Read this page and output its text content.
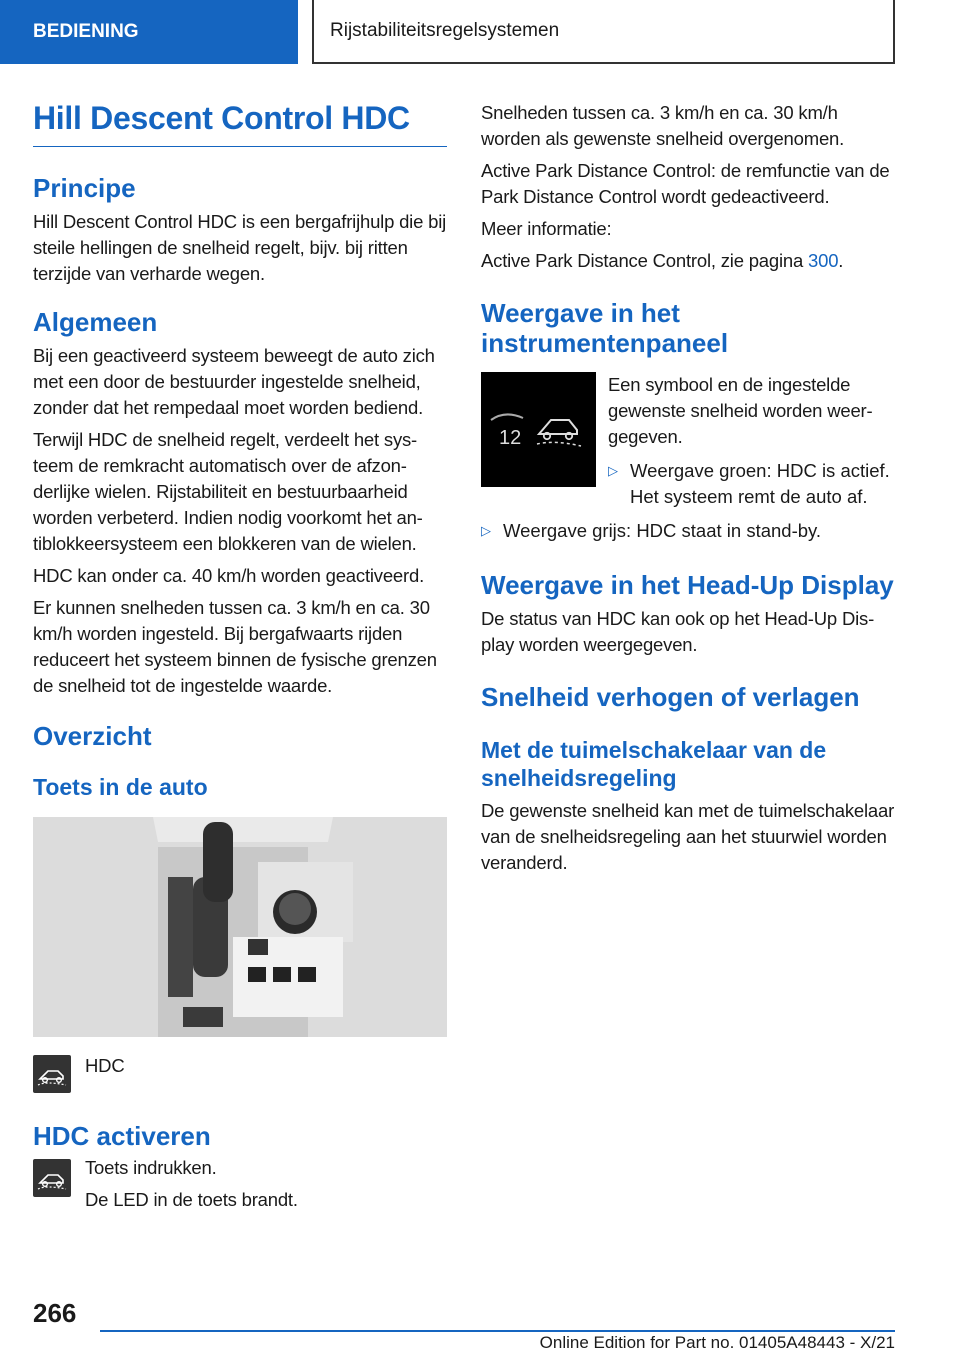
BEDIENING	Rijstabiliteitsregelsystemen
Hill Descent Control HDC
Principe

Hill Descent Control HDC is een bergafrijhulp die bij steile hellingen de snelheid regelt, bijv. bij ritten terzijde van verharde wegen.

Algemeen

Bij een geactiveerd systeem beweegt de auto zich met een door de bestuurder ingestelde snelheid, zonder dat het rempedaal moet worden bediend.

Terwijl HDC de snelheid regelt, verdeelt het systeem de remkracht automatisch over de afzonderlijke wielen. Rijstabiliteit en bestuurbaarheid worden verbeterd. Indien nodig voorkomt het antiblokkeersysteem een blokkeren van de wielen.

HDC kan onder ca. 40 km/h worden geactiveerd.

Er kunnen snelheden tussen ca. 3 km/h en ca. 30 km/h worden ingesteld. Bij bergafwaarts rijden reduceert het systeem binnen de fysische grenzen de snelheid tot de ingestelde waarde.

Overzicht
Toets in de auto

HDC

HDC activeren

Toets indrukken.

De LED in de toets brandt.

Snelheden tussen ca. 3 km/h en ca. 30 km/h worden als gewenste snelheid overgenomen.

Active Park Distance Control: de remfunctie van de Park Distance Control wordt gedeactiveerd.

Meer informatie:

Active Park Distance Control, zie pagina 300.

Weergave in het instrumentenpaneel
12

Een symbool en de ingestelde gewenste snelheid worden weergegeven.

▷ Weergave groen: HDC is actief. Het systeem remt de auto af.
▷ Weergave grijs: HDC staat in stand-by.
Weergave in het Head-Up Display

De status van HDC kan ook op het Head-Up Display worden weergegeven.

Snelheid verhogen of verlagen
Met de tuimelschakelaar van de snelheidsregeling

De gewenste snelheid kan met de tuimelschakelaar van de snelheidsregeling aan het stuurwiel worden veranderd.

266
Online Edition for Part no. 01405A48443 - X/21
